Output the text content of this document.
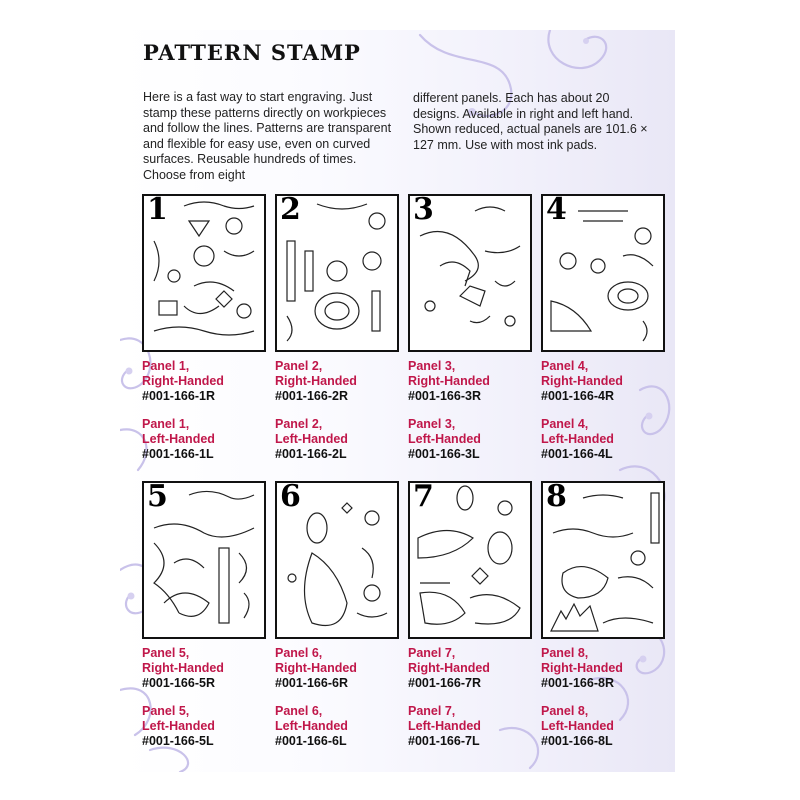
PATTERN STAMP

Here is a fast way to start engraving. Just stamp these patterns directly on workpieces and follow the lines. Patterns are transparent and flexible for easy use, even on curved surfaces. Reusable hundreds of times. Choose from eight

different panels. Each has about 20 designs. Available in right and left hand. Shown reduced, actual panels are 101.6 × 127 mm. Use with most ink pads.

1	2	3	4
Panel 1,
Right-Handed
#001-166-1R
Panel 1,
Left-Handed
#001-166-1L
Panel 2,
Right-Handed
#001-166-2R
Panel 2,
Left-Handed
#001-166-2L
Panel 3,
Right-Handed
#001-166-3R
Panel 3,
Left-Handed
#001-166-3L
Panel 4,
Right-Handed
#001-166-4R
Panel 4,
Left-Handed
#001-166-4L
5	6	7	8
Panel 5,
Right-Handed
#001-166-5R
Panel 5,
Left-Handed
#001-166-5L
Panel 6,
Right-Handed
#001-166-6R
Panel 6,
Left-Handed
#001-166-6L
Panel 7,
Right-Handed
#001-166-7R
Panel 7,
Left-Handed
#001-166-7L
Panel 8,
Right-Handed
#001-166-8R
Panel 8,
Left-Handed
#001-166-8L
